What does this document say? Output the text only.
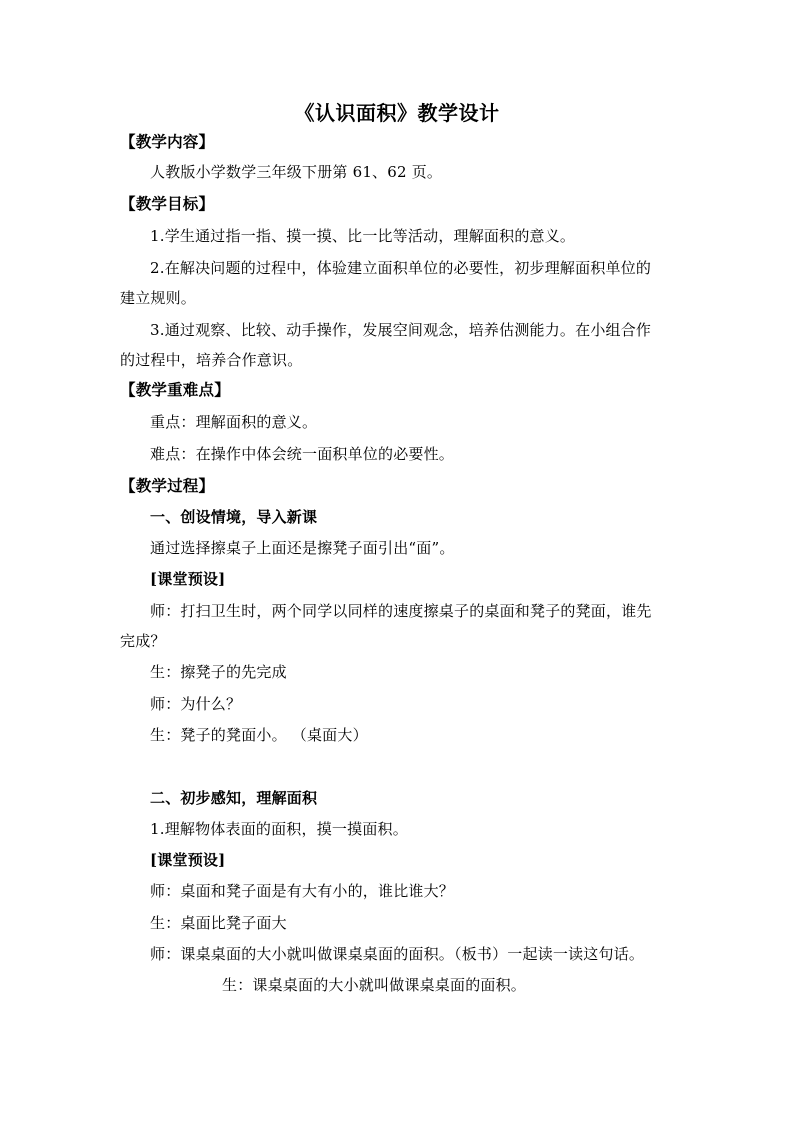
《认识面积》教学设计
【教学内容】
人教版小学数学三年级下册第 61、62 页。
【教学目标】
1.学生通过指一指、摸一摸、比一比等活动，理解面积的意义。
2.在解决问题的过程中，体验建立面积单位的必要性，初步理解面积单位的
建立规则。
3.通过观察、比较、动手操作，发展空间观念，培养估测能力。在小组合作
的过程中，培养合作意识。
【教学重难点】
重点：理解面积的意义。
难点：在操作中体会统一面积单位的必要性。
【教学过程】
一、创设情境，导入新课
通过选择擦桌子上面还是擦凳子面引出“面”。
[课堂预设]
师：打扫卫生时，两个同学以同样的速度擦桌子的桌面和凳子的凳面，谁先
完成？
生：擦凳子的先完成
师：为什么？
生：凳子的凳面小。 （桌面大）
二、初步感知，理解面积
1.理解物体表面的面积，摸一摸面积。
[课堂预设]
师：桌面和凳子面是有大有小的，谁比谁大？
生：桌面比凳子面大
师：课桌桌面的大小就叫做课桌桌面的面积。（板书）一起读一读这句话。
生：课桌桌面的大小就叫做课桌桌面的面积。
